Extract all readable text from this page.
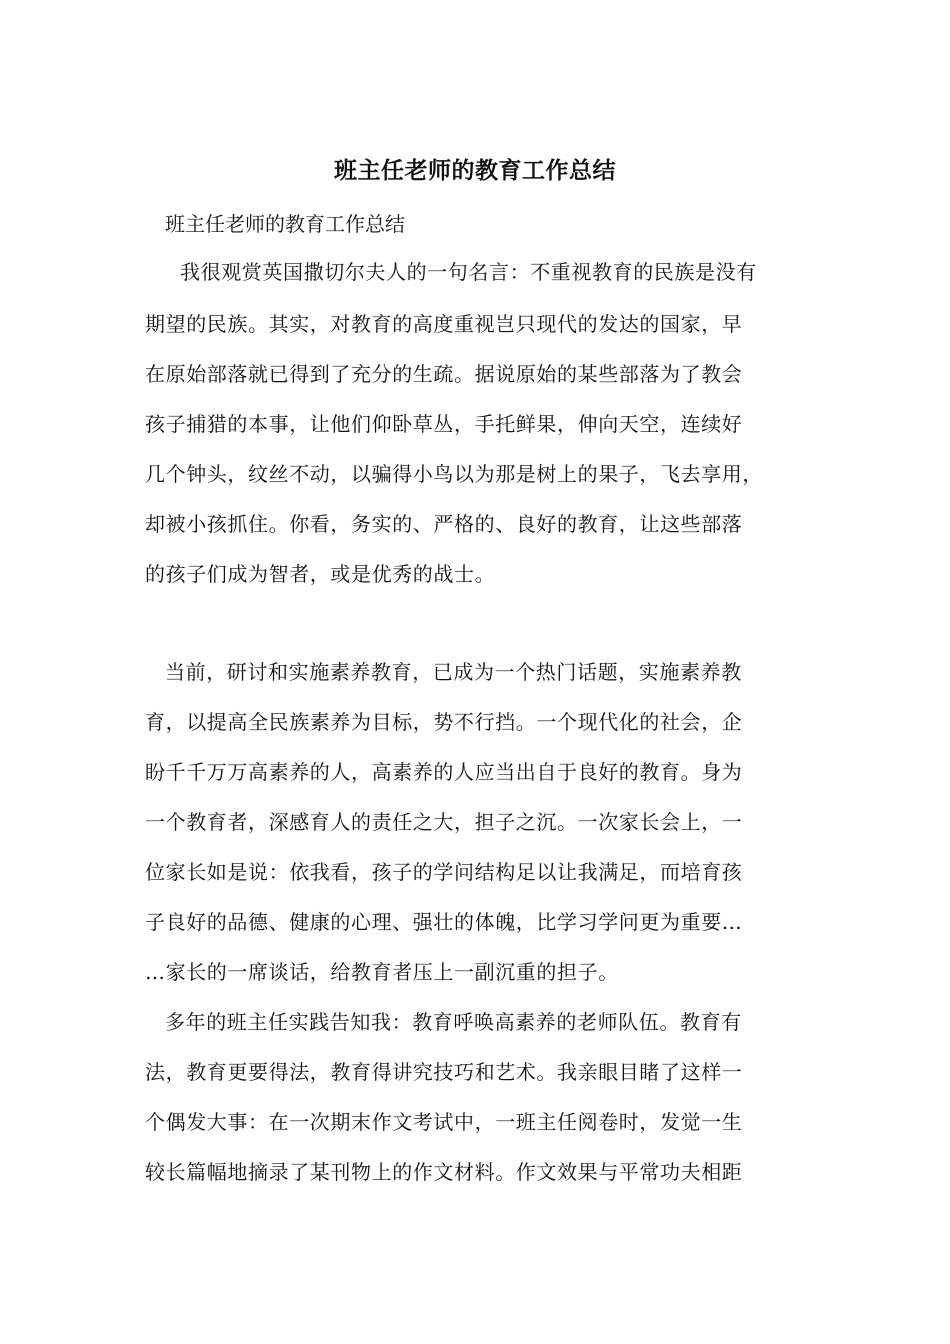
班主任老师的教育工作总结
班主任老师的教育工作总结
我很观赏英国撒切尔夫人的一句名言：不重视教育的民族是没有
期望的民族。其实，对教育的高度重视岂只现代的发达的国家，早
在原始部落就已得到了充分的生疏。据说原始的某些部落为了教会
孩子捕猎的本事，让他们仰卧草丛，手托鲜果，伸向天空，连续好
几个钟头，纹丝不动，以骗得小鸟以为那是树上的果子，飞去享用，
却被小孩抓住。你看，务实的、严格的、良好的教育，让这些部落
的孩子们成为智者，或是优秀的战士。
当前，研讨和实施素养教育，已成为一个热门话题，实施素养教
育，以提高全民族素养为目标，势不行挡。一个现代化的社会，企
盼千千万万高素养的人，高素养的人应当出自于良好的教育。身为
一个教育者，深感育人的责任之大，担子之沉。一次家长会上，一
位家长如是说：依我看，孩子的学问结构足以让我满足，而培育孩
子良好的品德、健康的心理、强壮的体魄，比学习学问更为重要…
…家长的一席谈话，给教育者压上一副沉重的担子。
多年的班主任实践告知我：教育呼唤高素养的老师队伍。教育有
法，教育更要得法，教育得讲究技巧和艺术。我亲眼目睹了这样一
个偶发大事：在一次期末作文考试中，一班主任阅卷时，发觉一生
较长篇幅地摘录了某刊物上的作文材料。作文效果与平常功夫相距
